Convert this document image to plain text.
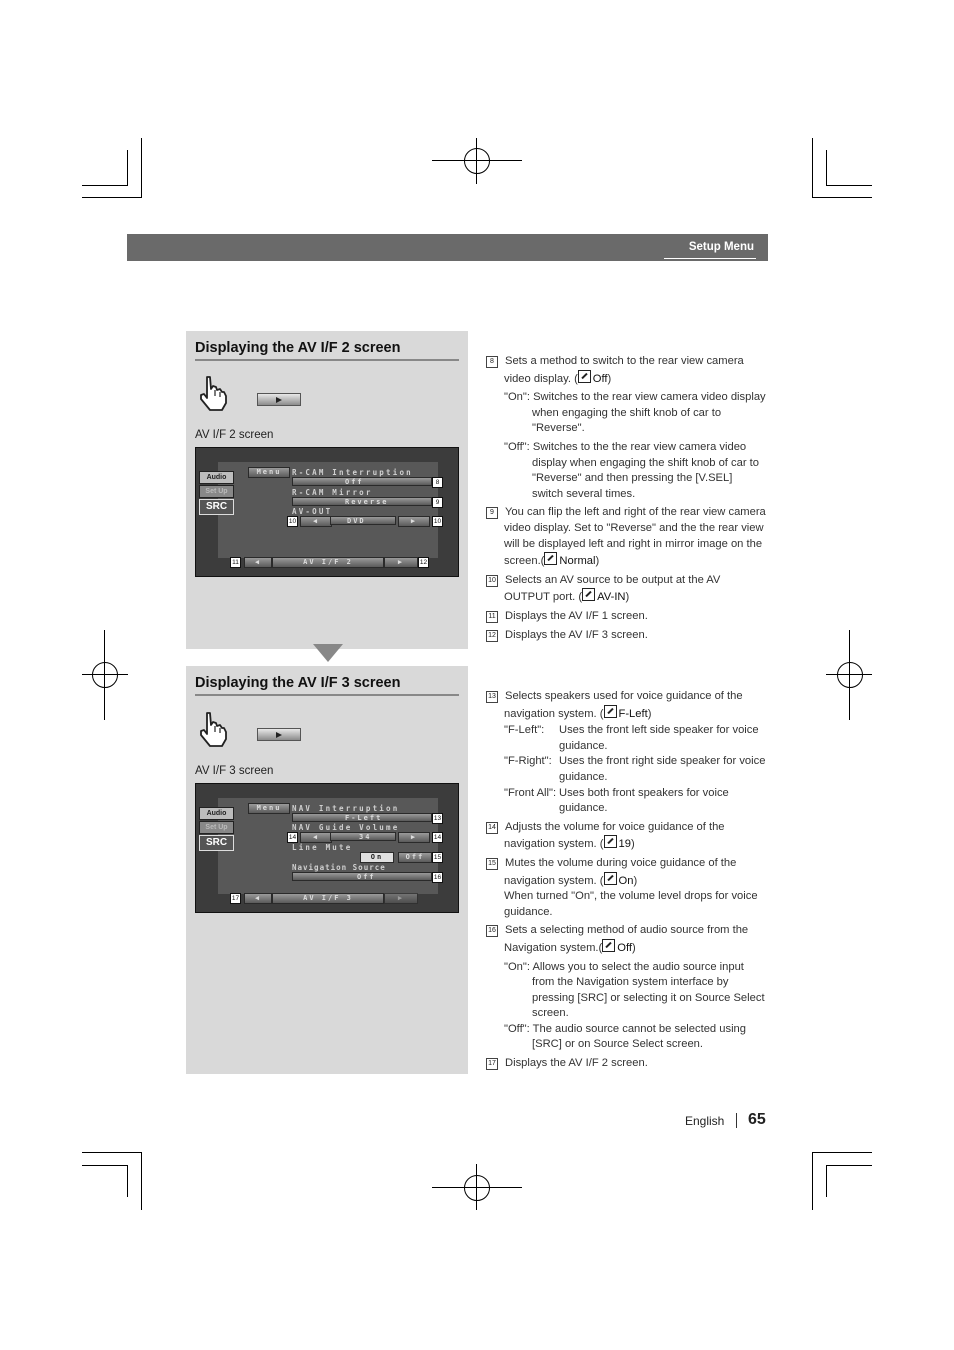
Setup Menu
Displaying the AV I/F 2 screen
AV I/F 2 screen
Audio
Set Up
SRC
Menu	R-CAM Interruption
Off
R-CAM Mirror
Reverse
AV-OUT
◀	DVD	▶
◀	AV I/F 2	▶
8
9
10	10
11	12
Displaying the AV I/F 3 screen
AV I/F 3 screen
Audio
Set Up
SRC
Menu	NAV Interruption
F-Left
NAV Guide Volume
◀	34	▶
Line Mute
On	Off
Navigation Source
Off
◀	AV I/F 3	▶
13
14	14
15
16
17

8 Sets a method to switch to the rear view camera video display. ( Off)

"On": Switches to the rear view camera video display when engaging the shift knob of car to "Reverse".

"Off": Switches to the the rear view camera video display when engaging the shift knob of car to "Reverse" and then pressing the [V.SEL] switch several times.

9 You can flip the left and right of the rear view camera video display. Set to "Reverse" and the the rear view will be displayed left and right in mirror image on the screen.( Normal)

10 Selects an AV source to be output at the AV OUTPUT port. ( AV-IN)

11 Displays the AV I/F 1 screen.

12 Displays the AV I/F 3 screen.

13 Selects speakers used for voice guidance of the navigation system. ( F-Left)

"F-Left": Uses the front left side speaker for voice guidance.

"F-Right": Uses the front right side speaker for voice guidance.

"Front All": Uses both front speakers for voice guidance.

14 Adjusts the volume for voice guidance of the navigation system. ( 19)

15 Mutes the volume during voice guidance of the navigation system. ( On)

When turned "On", the volume level drops for voice guidance.

16 Sets a selecting method of audio source from the Navigation system.( Off)

"On": Allows you to select the audio source input from the Navigation system interface by pressing [SRC] or selecting it on Source Select screen.

"Off": The audio source cannot be selected using [SRC] or on Source Select screen.

17 Displays the AV I/F 2 screen.

English 65
